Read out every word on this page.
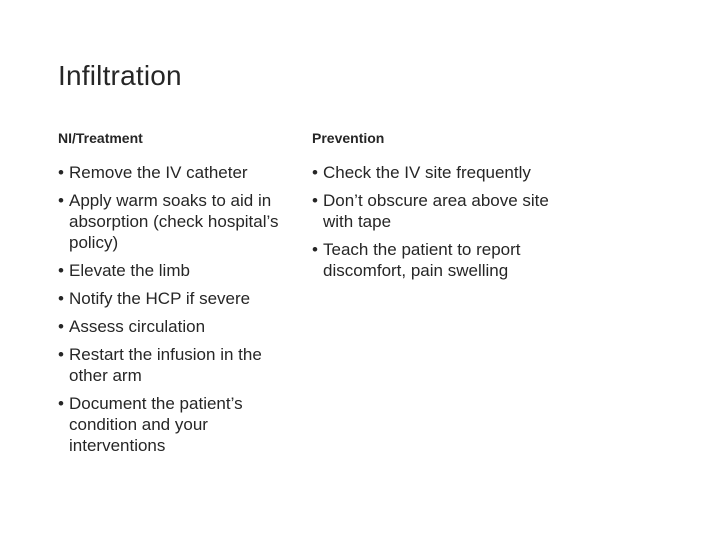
Infiltration
NI/Treatment
• Remove the IV catheter
• Apply warm soaks to aid in absorption (check hospital’s policy)
• Elevate the limb
• Notify the HCP if severe
• Assess circulation
• Restart the infusion in the other arm
• Document the patient’s condition and your interventions
Prevention
• Check the IV site frequently
• Don’t obscure area above site with tape
• Teach the patient to report discomfort, pain swelling
